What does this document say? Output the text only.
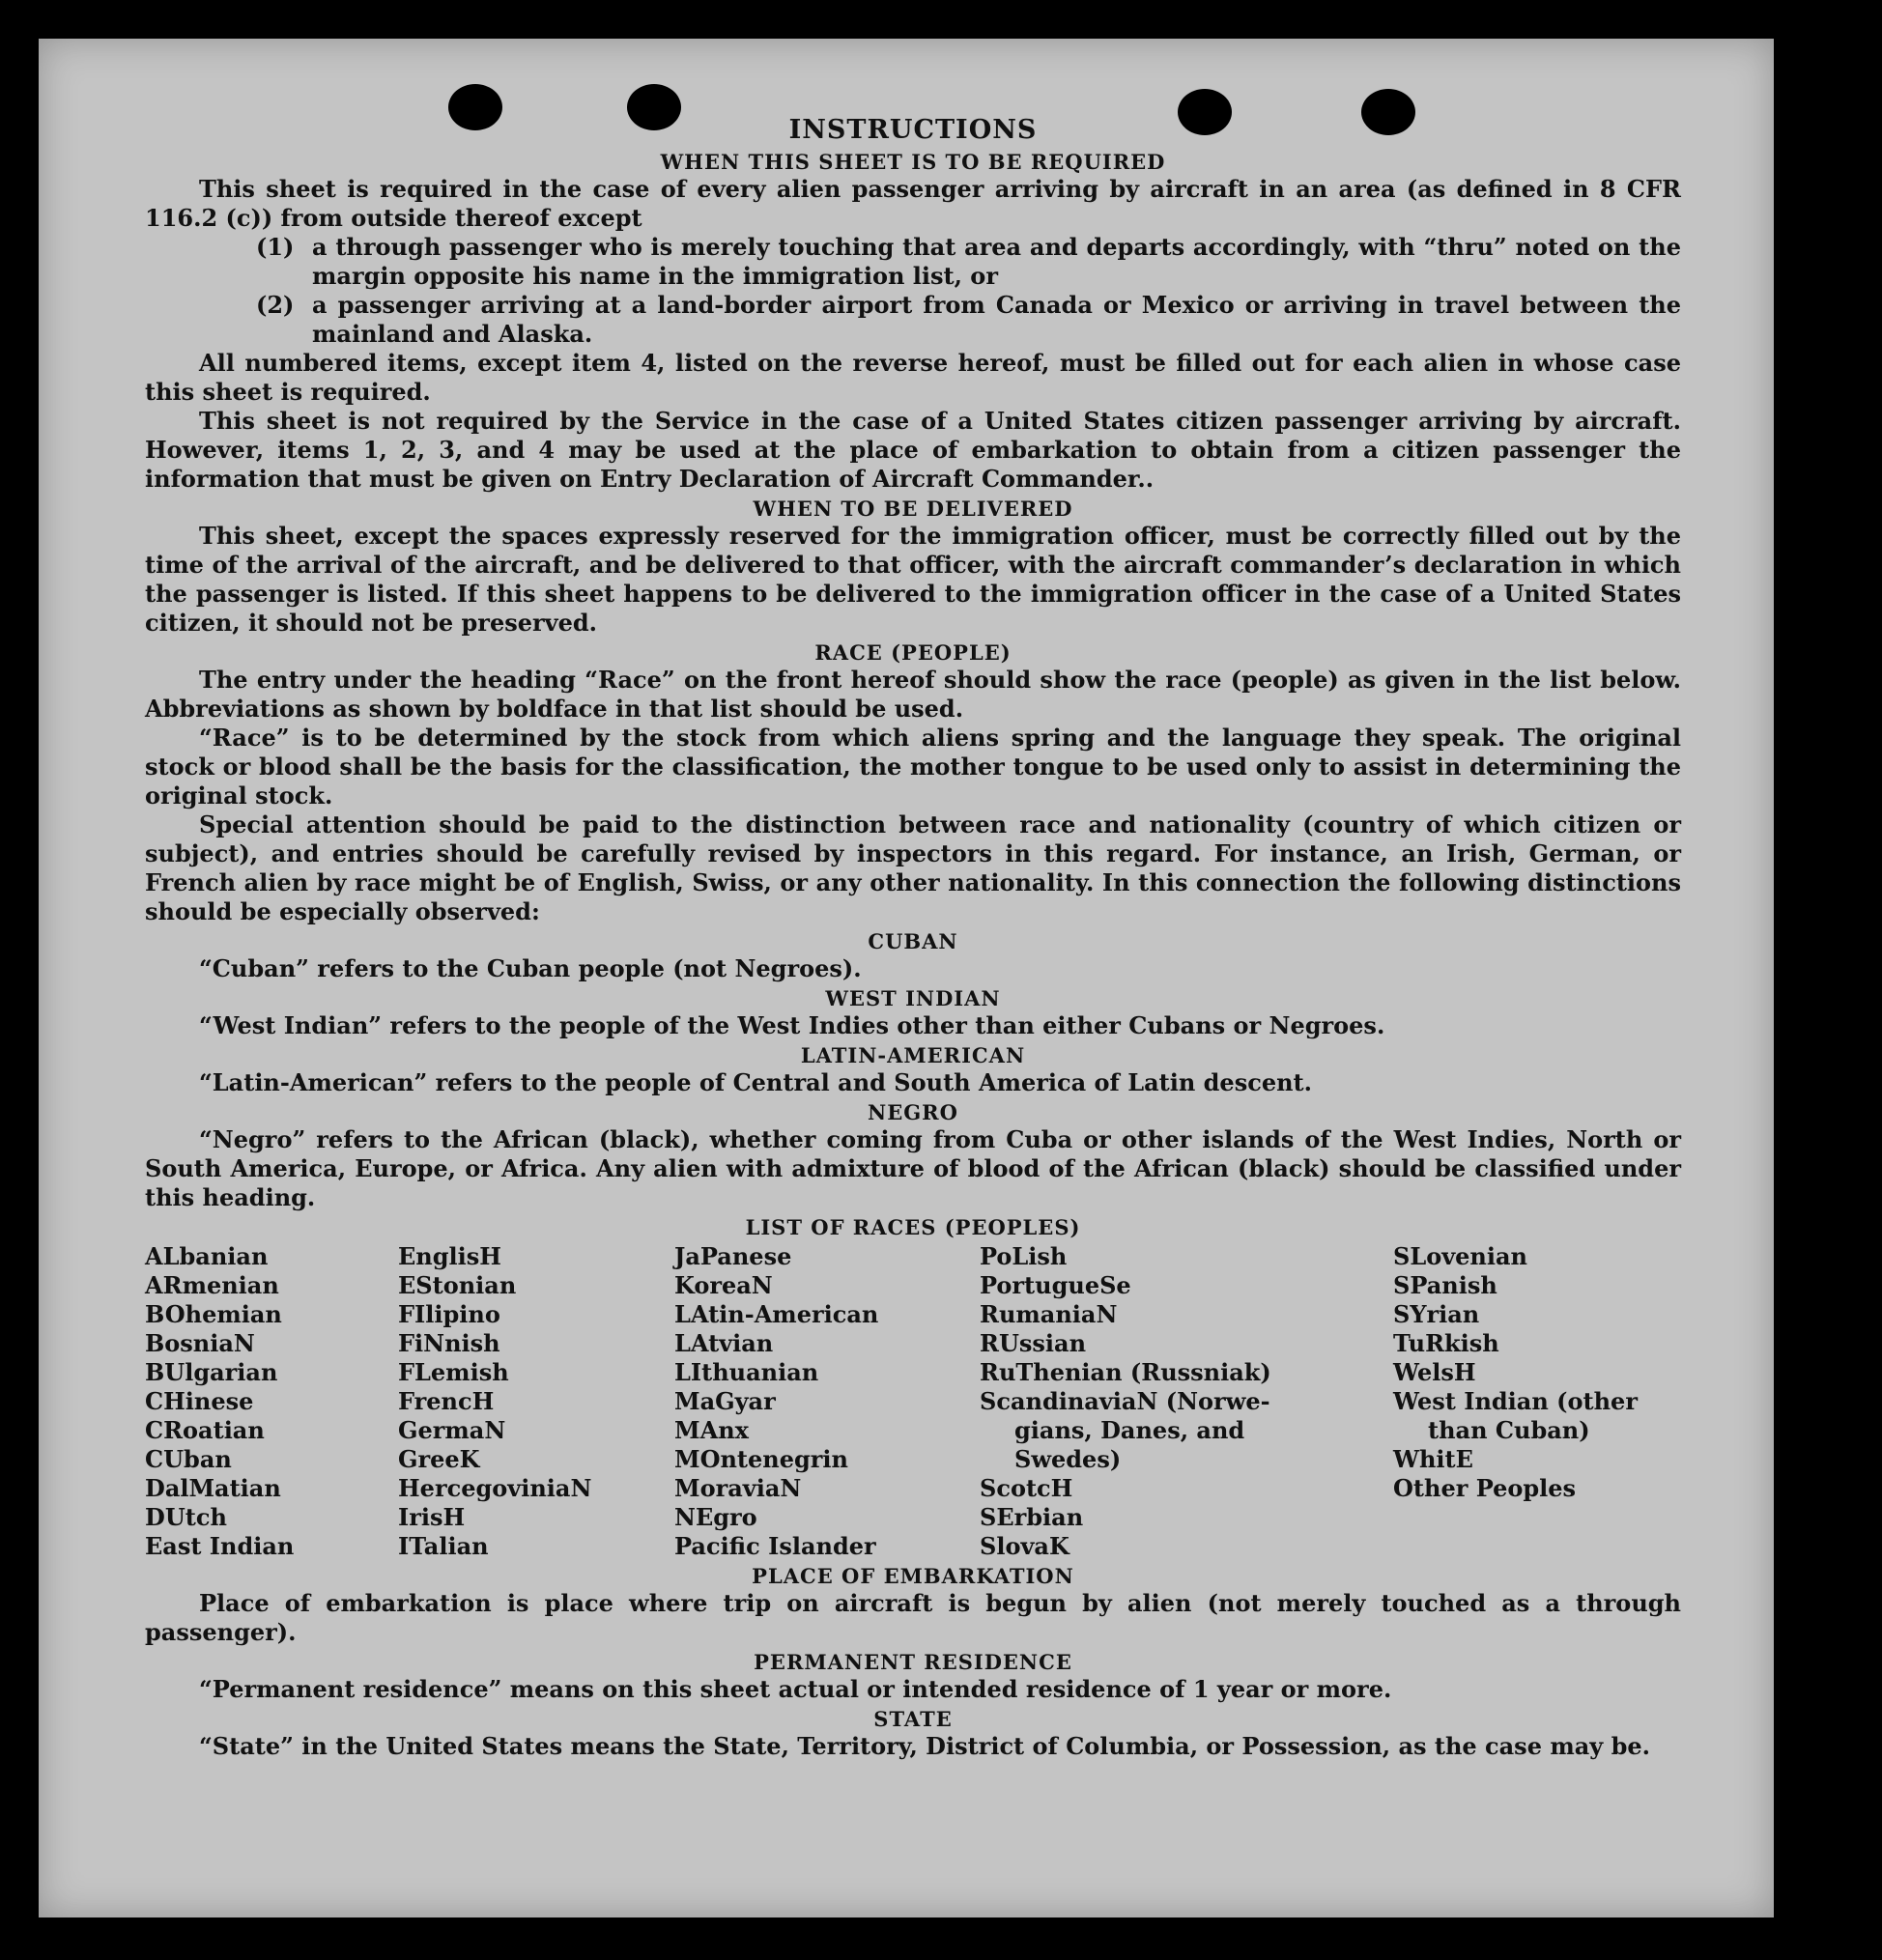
INSTRUCTIONS
WHEN THIS SHEET IS TO BE REQUIRED
This sheet is required in the case of every alien passenger arriving by aircraft in an area (as defined in 8 CFR 116.2 (c)) from outside thereof except
(1) a through passenger who is merely touching that area and departs accordingly, with “thru” noted on the margin opposite his name in the immigration list, or
(2) a passenger arriving at a land-border airport from Canada or Mexico or arriving in travel between the mainland and Alaska.
All numbered items, except item 4, listed on the reverse hereof, must be filled out for each alien in whose case this sheet is required.
This sheet is not required by the Service in the case of a United States citizen passenger arriving by aircraft. However, items 1, 2, 3, and 4 may be used at the place of embarkation to obtain from a citizen passenger the information that must be given on Entry Declaration of Aircraft Commander..
WHEN TO BE DELIVERED
This sheet, except the spaces expressly reserved for the immigration officer, must be correctly filled out by the time of the arrival of the aircraft, and be delivered to that officer, with the aircraft commander’s declaration in which the passenger is listed. If this sheet happens to be delivered to the immigration officer in the case of a United States citizen, it should not be preserved.
RACE (PEOPLE)
The entry under the heading “Race” on the front hereof should show the race (people) as given in the list below. Abbreviations as shown by boldface in that list should be used.
“Race” is to be determined by the stock from which aliens spring and the language they speak. The original stock or blood shall be the basis for the classification, the mother tongue to be used only to assist in determining the original stock.
Special attention should be paid to the distinction between race and nationality (country of which citizen or subject), and entries should be carefully revised by inspectors in this regard. For instance, an Irish, German, or French alien by race might be of English, Swiss, or any other nationality. In this connection the following distinctions should be especially observed:
CUBAN
“Cuban” refers to the Cuban people (not Negroes).
WEST INDIAN
“West Indian” refers to the people of the West Indies other than either Cubans or Negroes.
LATIN-AMERICAN
“Latin-American” refers to the people of Central and South America of Latin descent.
NEGRO
“Negro” refers to the African (black), whether coming from Cuba or other islands of the West Indies, North or South America, Europe, or Africa. Any alien with admixture of blood of the African (black) should be classified under this heading.
LIST OF RACES (PEOPLES)
ALbanian
ARmenian
BOhemian
BosniaN
BUlgarian
CHinese
CRoatian
CUban
DalMatian
DUtch
East Indian
EnglisH
EStonian
FIlipino
FiNnish
FLemish
FrencH
GermaN
GreeK
HercegoviniaN
IrisH
ITalian
JaPanese
KoreaN
LAtin-American
LAtvian
LIthuanian
MaGyar
MAnx
MOntenegrin
MoraviaN
NEgro
Pacific Islander
PoLish
PortugueSe
RumaniaN
RUssian
RuThenian (Russniak)
ScandinaviaN (Norwe-
gians, Danes, and
Swedes)
ScotcH
SErbian
SlovaK
SLovenian
SPanish
SYrian
TuRkish
WelsH
West Indian (other
than Cuban)
WhitE
Other Peoples
PLACE OF EMBARKATION
Place of embarkation is place where trip on aircraft is begun by alien (not merely touched as a through passenger).
PERMANENT RESIDENCE
“Permanent residence” means on this sheet actual or intended residence of 1 year or more.
STATE
“State” in the United States means the State, Territory, District of Columbia, or Possession, as the case may be.
